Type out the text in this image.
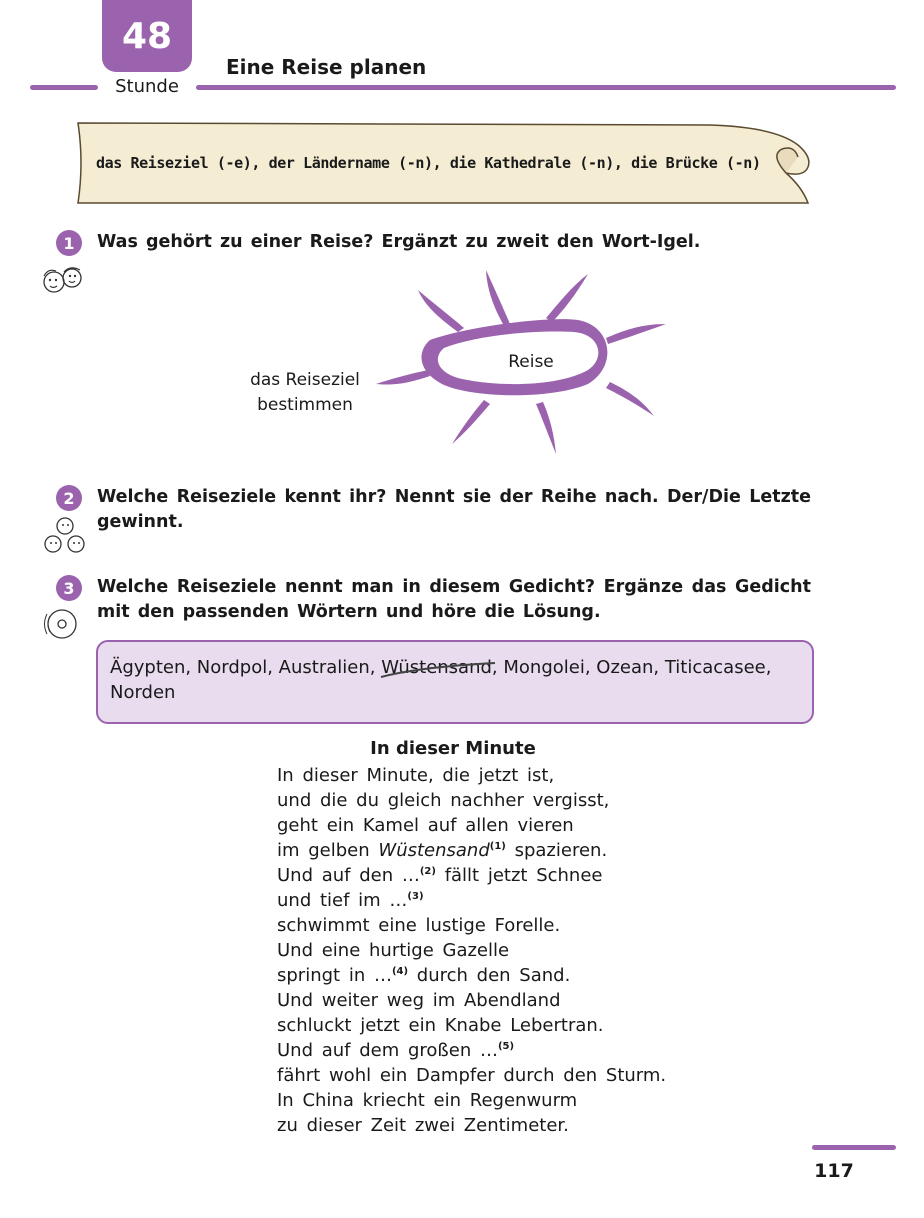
48
Stunde
Eine Reise planen
das Reiseziel (-e), der Ländername (-n), die Kathedrale (-n), die Brücke (-n)
1	Was gehört zu einer Reise? Ergänzt zu zweit den Wort-Igel.
Reise
das Reiseziel
bestimmen
2	Welche Reiseziele kennt ihr? Nennt sie der Reihe nach. Der/Die Letzte gewinnt.
3	Welche Reiseziele nennt man in diesem Gedicht? Ergänze das Gedicht mit den passenden Wörtern und höre die Lösung.
Ägypten, Nordpol, Australien, Wüstensand
, Mongolei, Ozean, Titicacasee, Norden
In dieser Minute
In dieser Minute, die jetzt ist,
und die du gleich nachher vergisst,
geht ein Kamel auf allen vieren
im gelben Wüstensand$^{(1)}$ spazieren.
Und auf den …$^{(2)}$ fällt jetzt Schnee
und tief im …$^{(3)}$
schwimmt eine lustige Forelle.
Und eine hurtige Gazelle
springt in …$^{(4)}$ durch den Sand.
Und weiter weg im Abendland
schluckt jetzt ein Knabe Lebertran.
Und auf dem großen …$^{(5)}$
fährt wohl ein Dampfer durch den Sturm.
In China kriecht ein Regenwurm
zu dieser Zeit zwei Zentimeter.
117
